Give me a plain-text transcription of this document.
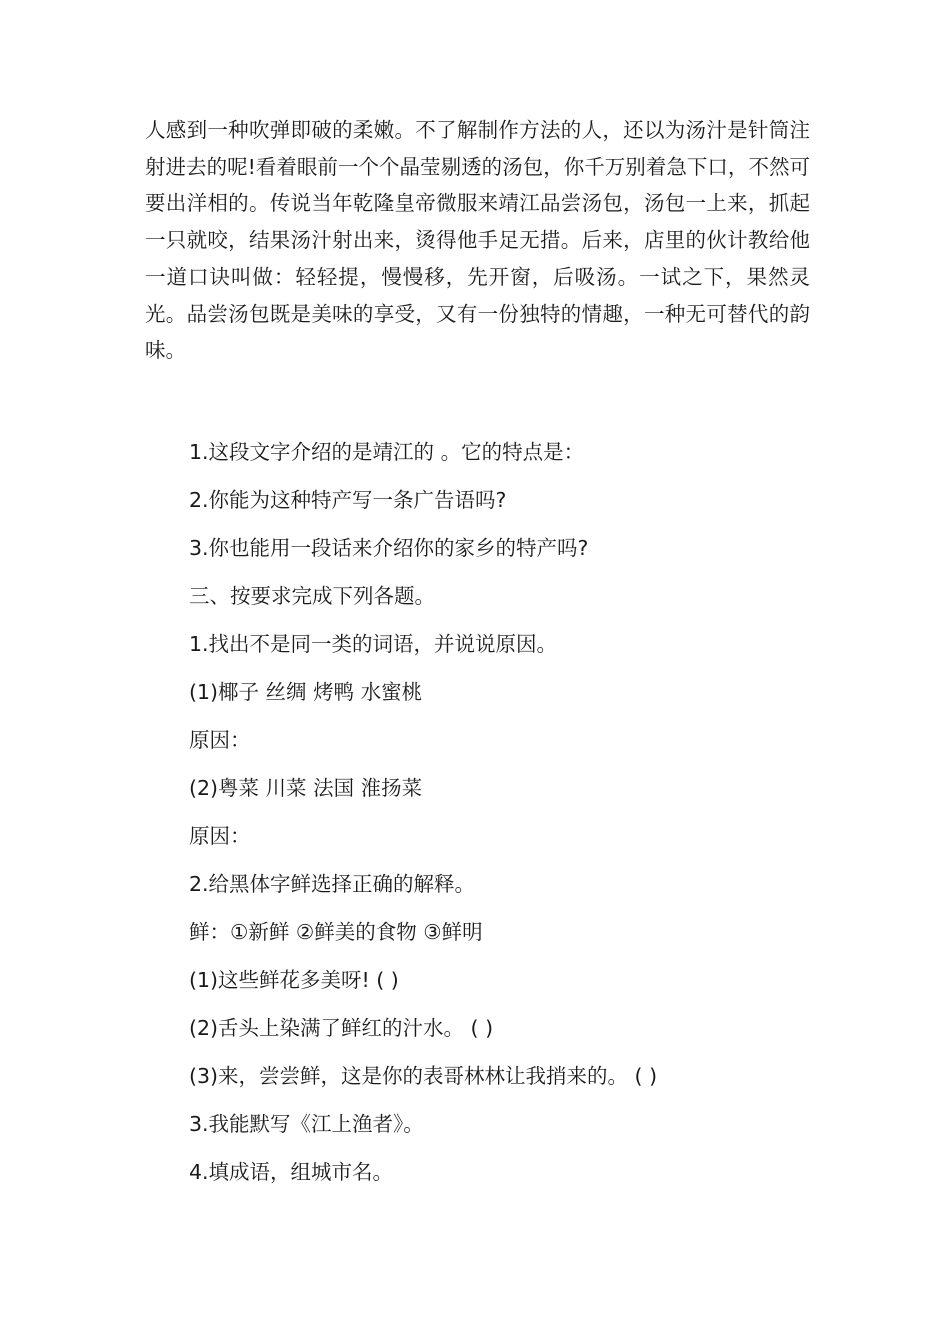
人感到一种吹弹即破的柔嫩。不了解制作方法的人，还以为汤汁是针筒注射进去的呢!看着眼前一个个晶莹剔透的汤包，你千万别着急下口，不然可要出洋相的。传说当年乾隆皇帝微服来靖江品尝汤包，汤包一上来，抓起一只就咬，结果汤汁射出来，烫得他手足无措。后来，店里的伙计教给他一道口诀叫做：轻轻提，慢慢移，先开窗，后吸汤。一试之下，果然灵光。品尝汤包既是美味的享受，又有一份独特的情趣，一种无可替代的韵味。

1.这段文字介绍的是靖江的 。它的特点是：

2.你能为这种特产写一条广告语吗?

3.你也能用一段话来介绍你的家乡的特产吗?

三、按要求完成下列各题。

1.找出不是同一类的词语，并说说原因。

(1)椰子 丝绸 烤鸭 水蜜桃

原因：

(2)粤菜 川菜 法国 淮扬菜

原因：

2.给黑体字鲜选择正确的解释。

鲜：①新鲜 ②鲜美的食物 ③鲜明

(1)这些鲜花多美呀! ( )

(2)舌头上染满了鲜红的汁水。 ( )

(3)来，尝尝鲜，这是你的表哥林林让我捎来的。 ( )

3.我能默写《江上渔者》。

4.填成语，组城市名。
